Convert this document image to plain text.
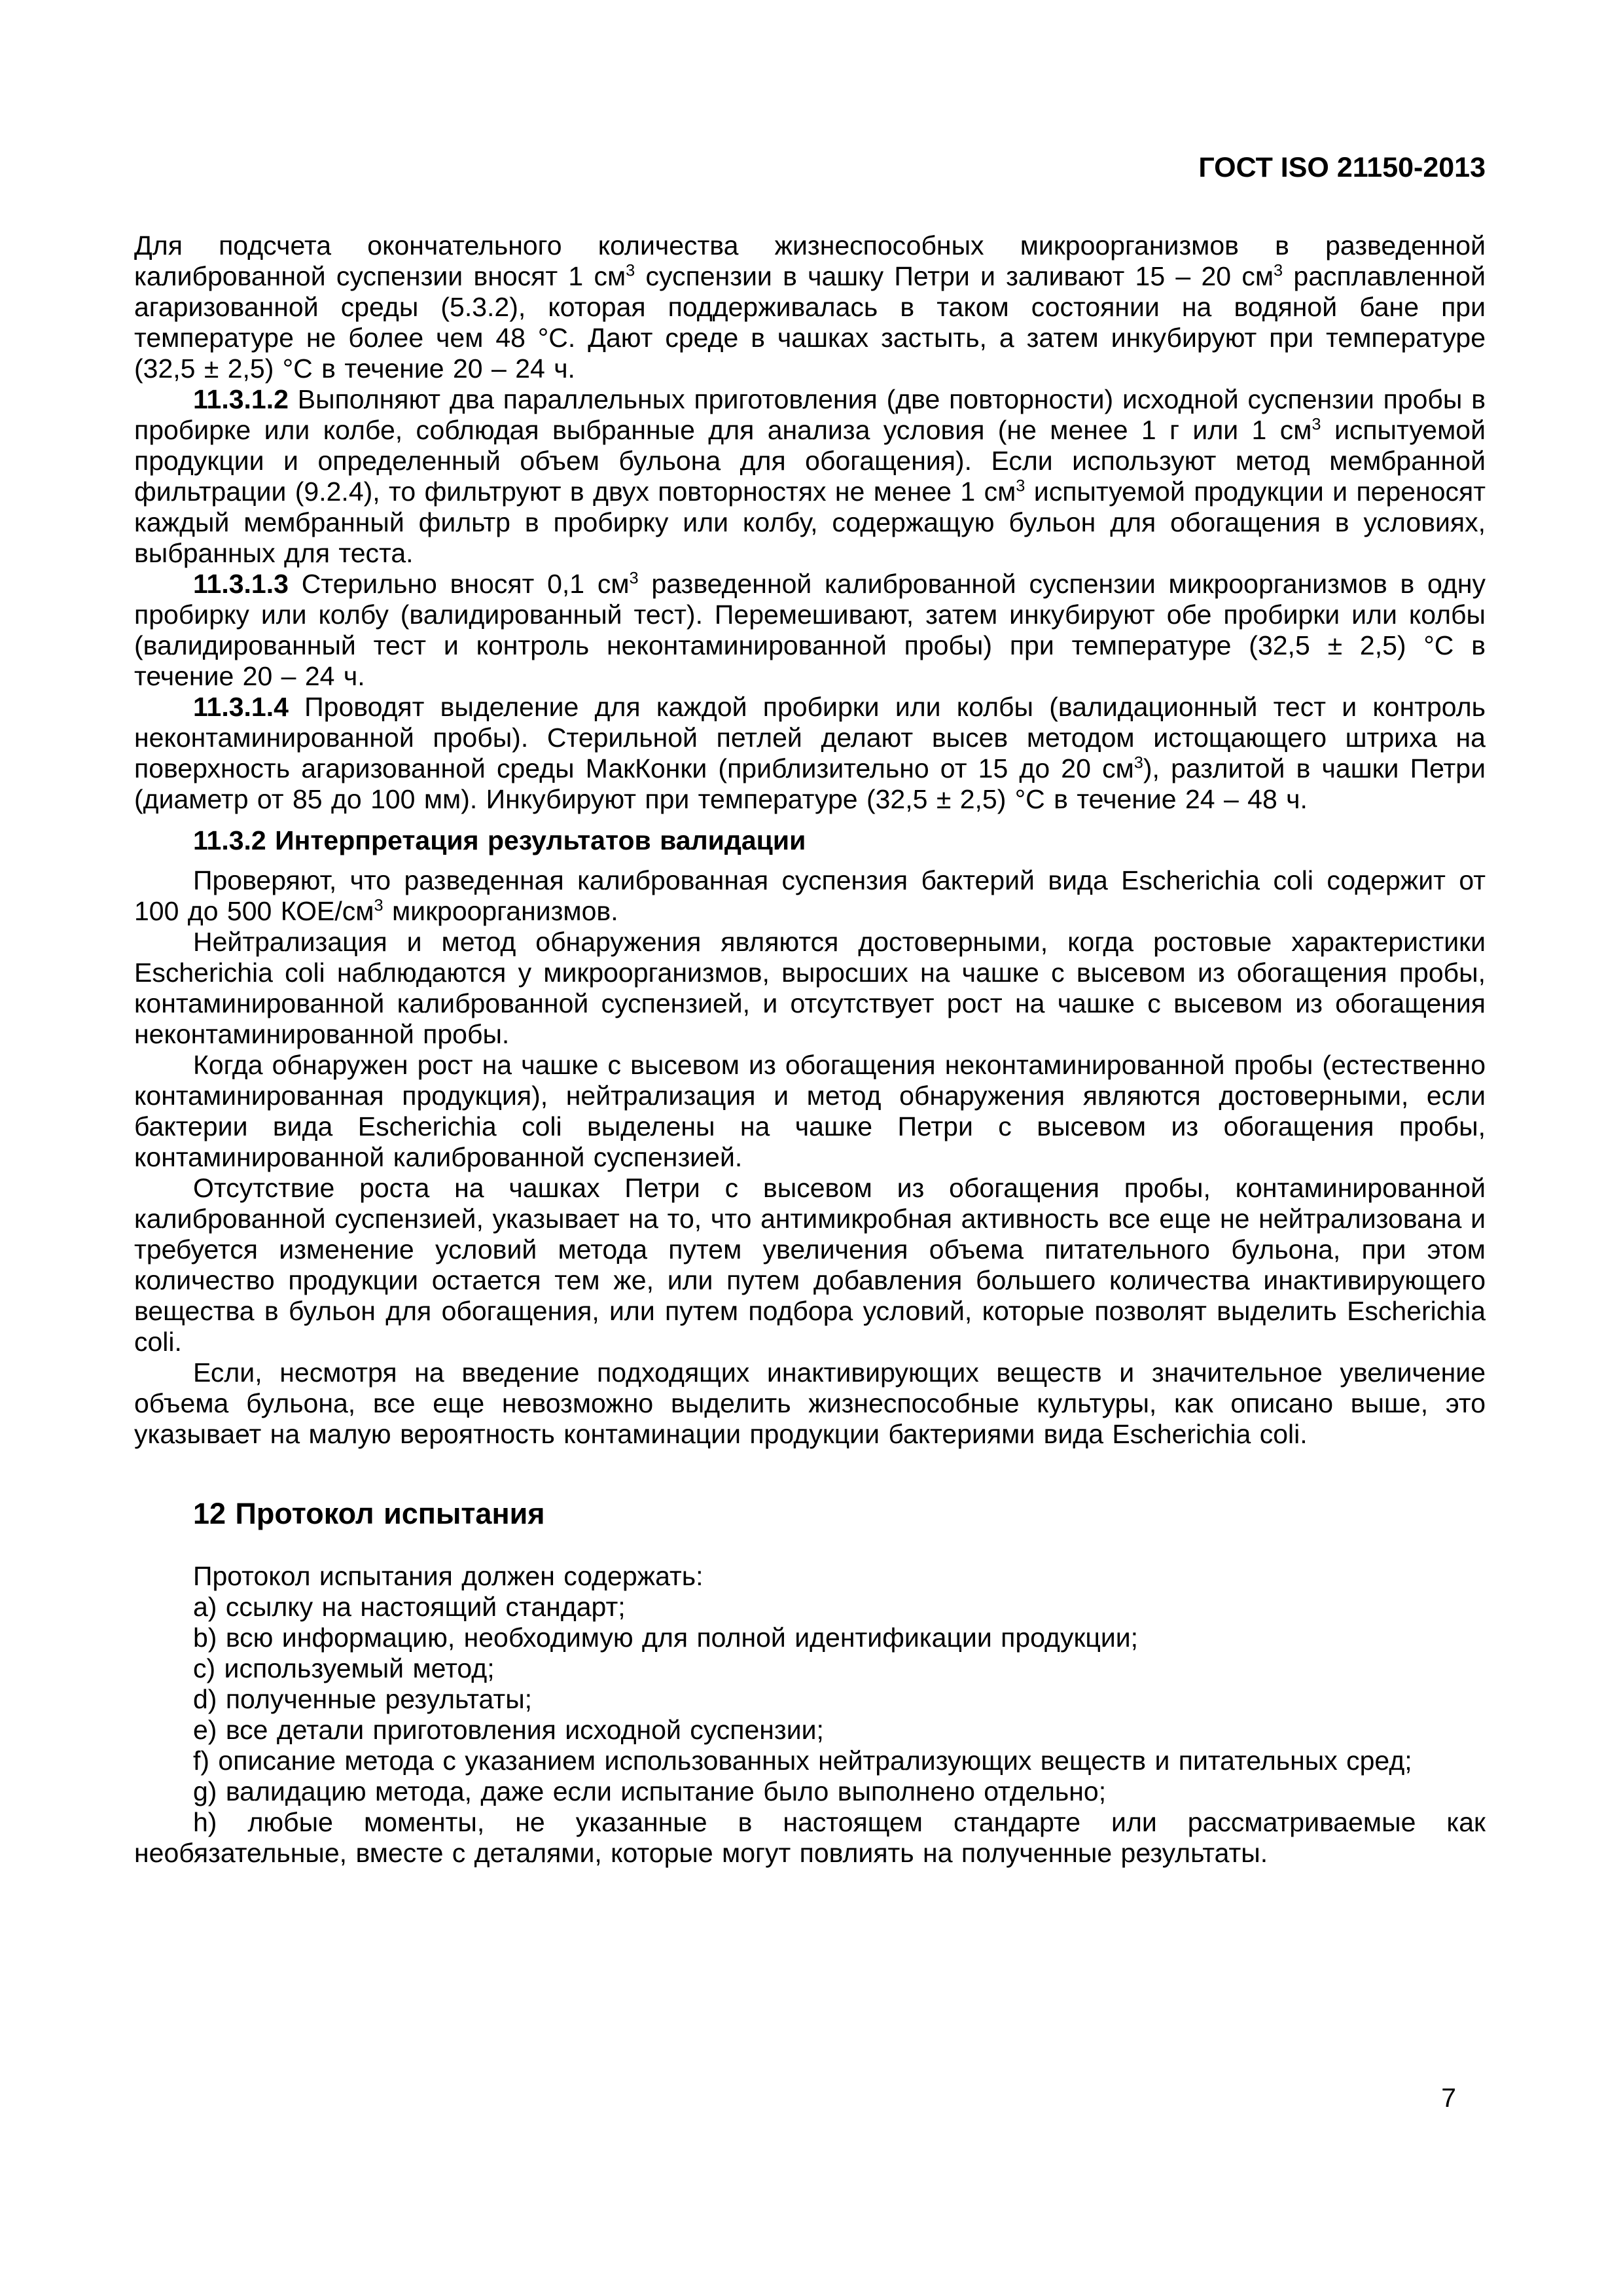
ГОСТ ISO 21150-2013

Для подсчета окончательного количества жизнеспособных микроорганизмов в разведенной калиброванной суспензии вносят 1 $см^3$ суспензии в чашку Петри и заливают 15 – 20 $см^3$ расплавленной агаризованной среды (5.3.2), которая поддерживалась в таком состоянии на водяной бане при температуре не более чем 48 °С. Дают среде в чашках застыть, а затем инкубируют при температуре (32,5 ± 2,5) °С в течение 20 – 24 ч.

11.3.1.2 Выполняют два параллельных приготовления (две повторности) исходной суспензии пробы в пробирке или колбе, соблюдая выбранные для анализа условия (не менее 1 г или 1 $см^3$ испытуемой продукции и определенный объем бульона для обогащения). Если используют метод мембранной фильтрации (9.2.4), то фильтруют в двух повторностях не менее 1 $см^3$ испытуемой продукции и переносят каждый мембранный фильтр в пробирку или колбу, содержащую бульон для обогащения в условиях, выбранных для теста.

11.3.1.3 Стерильно вносят 0,1 $см^3$ разведенной калиброванной суспензии микроорганизмов в одну пробирку или колбу (валидированный тест). Перемешивают, затем инкубируют обе пробирки или колбы (валидированный тест и контроль неконтаминированной пробы) при температуре (32,5 ± 2,5) °С в течение 20 – 24 ч.

11.3.1.4 Проводят выделение для каждой пробирки или колбы (валидационный тест и контроль неконтаминированной пробы). Стерильной петлей делают высев методом истощающего штриха на поверхность агаризованной среды МакКонки (приблизительно от 15 до 20 $см^3$), разлитой в чашки Петри (диаметр от 85 до 100 мм). Инкубируют при температуре (32,5 ± 2,5) °С в течение 24 – 48 ч.

11.3.2 Интерпретация результатов валидации

Проверяют, что разведенная калиброванная суспензия бактерий вида Escherichia coli содержит от 100 до 500 КОЕ/$см^3$ микроорганизмов.

Нейтрализация и метод обнаружения являются достоверными, когда ростовые характеристики Escherichia coli наблюдаются у микроорганизмов, выросших на чашке с высевом из обогащения пробы, контаминированной калиброванной суспензией, и отсутствует рост на чашке с высевом из обогащения неконтаминированной пробы.

Когда обнаружен рост на чашке с высевом из обогащения неконтаминированной пробы (естественно контаминированная продукция), нейтрализация и метод обнаружения являются достоверными, если бактерии вида Escherichia coli выделены на чашке Петри с высевом из обогащения пробы, контаминированной калиброванной суспензией.

Отсутствие роста на чашках Петри с высевом из обогащения пробы, контаминированной калиброванной суспензией, указывает на то, что антимикробная активность все еще не нейтрализована и требуется изменение условий метода путем увеличения объема питательного бульона, при этом количество продукции остается тем же, или путем добавления большего количества инактивирующего вещества в бульон для обогащения, или путем подбора условий, которые позволят выделить Escherichia coli.

Если, несмотря на введение подходящих инактивирующих веществ и значительное увеличение объема бульона, все еще невозможно выделить жизнеспособные культуры, как описано выше, это указывает на малую вероятность контаминации продукции бактериями вида Escherichia coli.

12 Протокол испытания

Протокол испытания должен содержать:

a) ссылку на настоящий стандарт;

b) всю информацию, необходимую для полной идентификации продукции;

c) используемый метод;

d) полученные результаты;

e) все детали приготовления исходной суспензии;

f) описание метода с указанием использованных нейтрализующих веществ и питательных сред;

g) валидацию метода, даже если испытание было выполнено отдельно;

h) любые моменты, не указанные в настоящем стандарте или рассматриваемые как необязательные, вместе с деталями, которые могут повлиять на полученные результаты.

7
